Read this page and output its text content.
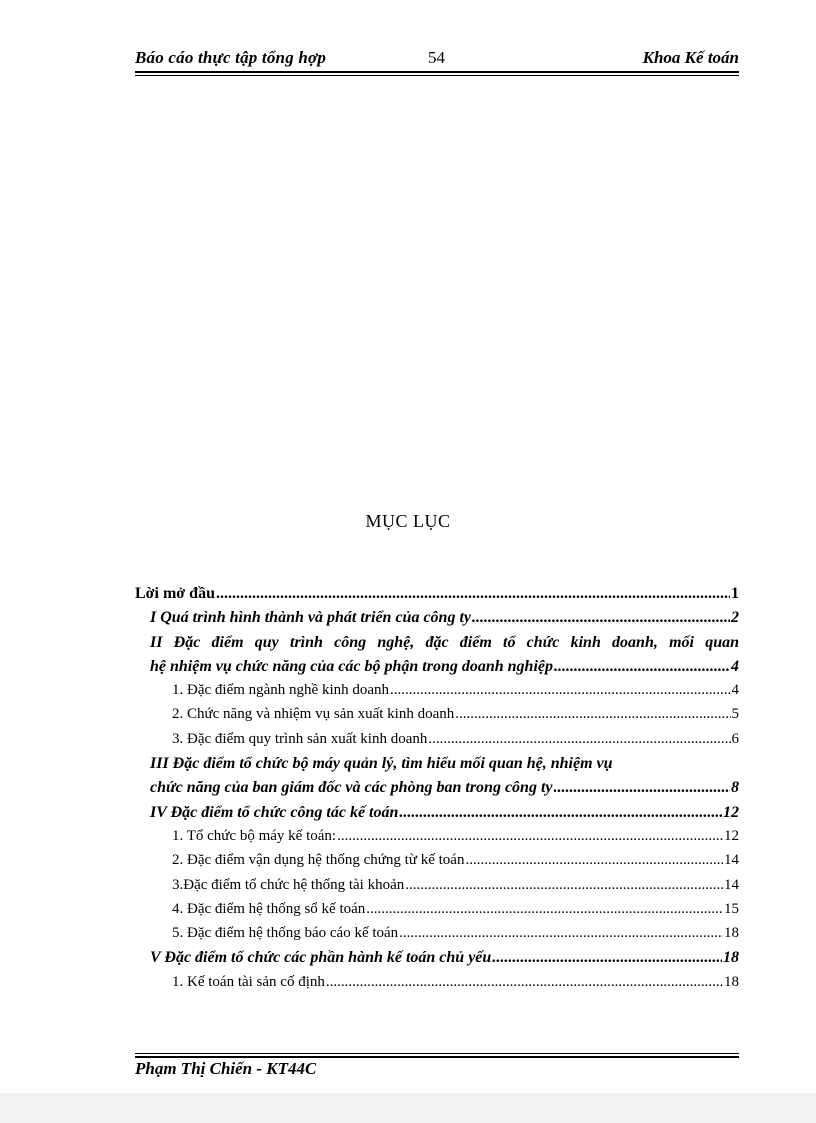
Báo cáo thực tập tổng hợp	54	Khoa Kế toán
MỤC LỤC
Lời mở đầu .....	1
I Quá trình hình thành và phát triển của công ty .....	2
II Đặc điểm quy trình công nghệ, đặc điểm tổ chức kinh doanh, mối quan
hệ nhiệm vụ chức năng của các bộ phận trong doanh nghiệp .....	4
1. Đặc điểm ngành nghề kinh doanh .....	4
2. Chức năng và nhiệm vụ sản xuất kinh doanh .....	5
3. Đặc điểm quy trình sản xuất kinh doanh .....	6
III Đặc điểm tổ chức bộ máy quản lý, tìm hiểu mối quan hệ, nhiệm vụ
chức năng của ban giám đốc và các phòng ban trong công ty .....	8
IV Đặc điểm tổ chức công tác kế toán .....	12
1. Tổ chức bộ máy kế toán: .....	12
2. Đặc điểm vận dụng hệ thống chứng từ kế toán .....	14
3.Đặc điểm tổ chức hệ thống tài khoản .....	14
4. Đặc điểm hệ thống sổ kế toán .....	15
5. Đặc điểm hệ thống báo cáo kế toán .....	18
V Đặc điểm tổ chức các phần hành kế toán chủ yếu .....	18
1. Kế toán tài sản cố định .....	18
Phạm Thị Chiến - KT44C
